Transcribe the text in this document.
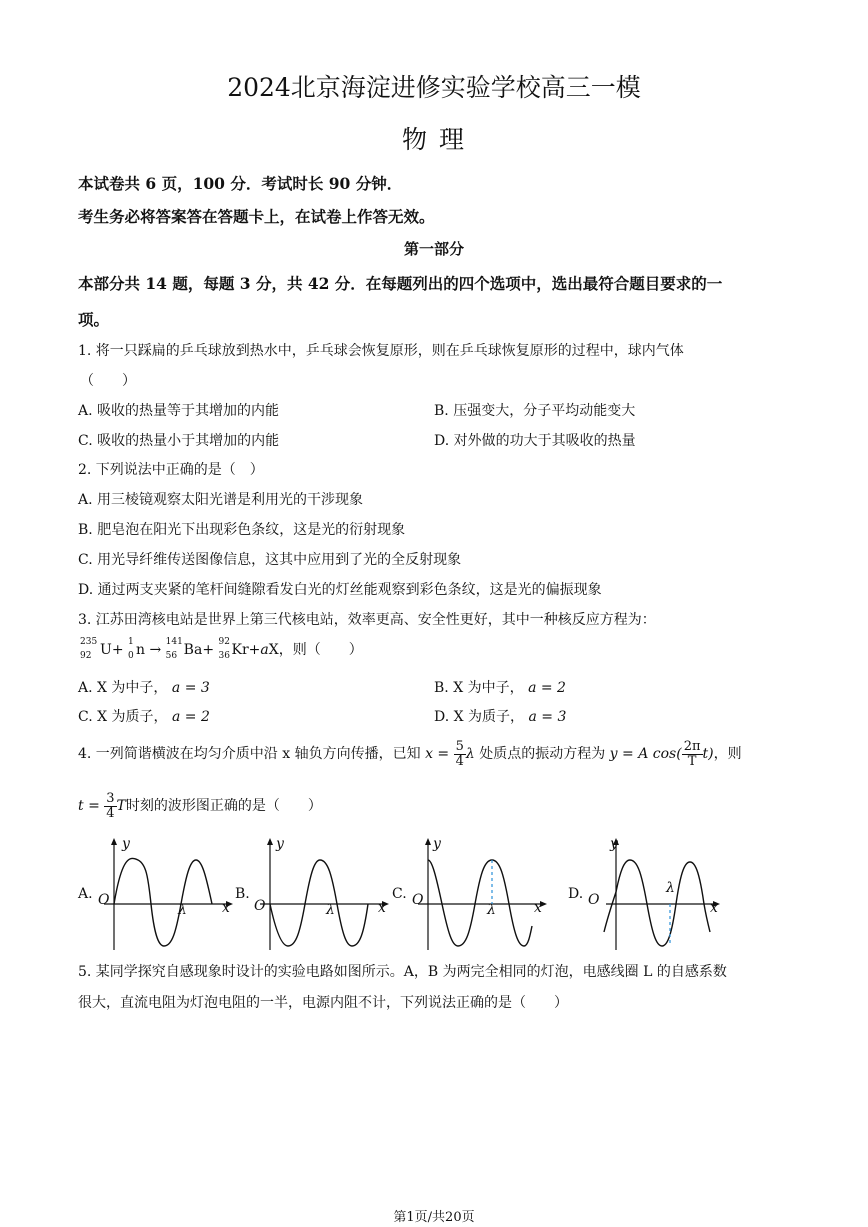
2024北京海淀进修实验学校高三一模
物 理
本试卷共 6 页，100 分．考试时长 90 分钟．
考生务必将答案答在答题卡上，在试卷上作答无效。
第一部分
本部分共 14 题，每题 3 分，共 42 分．在每题列出的四个选项中，选出最符合题目要求的一
项。
1. 将一只踩扁的乒乓球放到热水中，乒乓球会恢复原形，则在乒乓球恢复原形的过程中，球内气体
（　　）
A. 吸收的热量等于其增加的内能	B. 压强变大，分子平均动能变大
C. 吸收的热量小于其增加的内能	D. 对外做的功大于其吸收的热量
2. 下列说法中正确的是（　）
A. 用三棱镜观察太阳光谱是利用光的干涉现象
B. 肥皂泡在阳光下出现彩色条纹，这是光的衍射现象
C. 用光导纤维传送图像信息，这其中应用到了光的全反射现象
D. 通过两支夹紧的笔杆间缝隙看发白光的灯丝能观察到彩色条纹，这是光的偏振现象
3. 江苏田湾核电站是世界上第三代核电站，效率更高、安全性更好，其中一种核反应方程为：
235
92 U+ 1
0 n → 141
56 Ba+ 92
36 Kr+aX，则（　　）
A. X 为中子， a = 3	B. X 为中子， a = 2
C. X 为质子， a = 2	D. X 为质子， a = 3
4. 一列简谐横波在均匀介质中沿 x 轴负方向传播，已知 $x = \frac{5}{4}$ λ 处质点的振动方程为 y = A $\cos( \frac{2\pi}{T} t)$，则
$t = \frac{3}{4}$ T时刻的波形图正确的是（　　）
A.
y
O	x
λ
B.
y
O	x
λ
C.
y
O	x
λ
D.
y
O	x
λ
5. 某同学探究自感现象时设计的实验电路如图所示。A，B 为两完全相同的灯泡，电感线圈 L 的自感系数
很大，直流电阻为灯泡电阻的一半，电源内阻不计，下列说法正确的是（　　）
第1页/共20页
